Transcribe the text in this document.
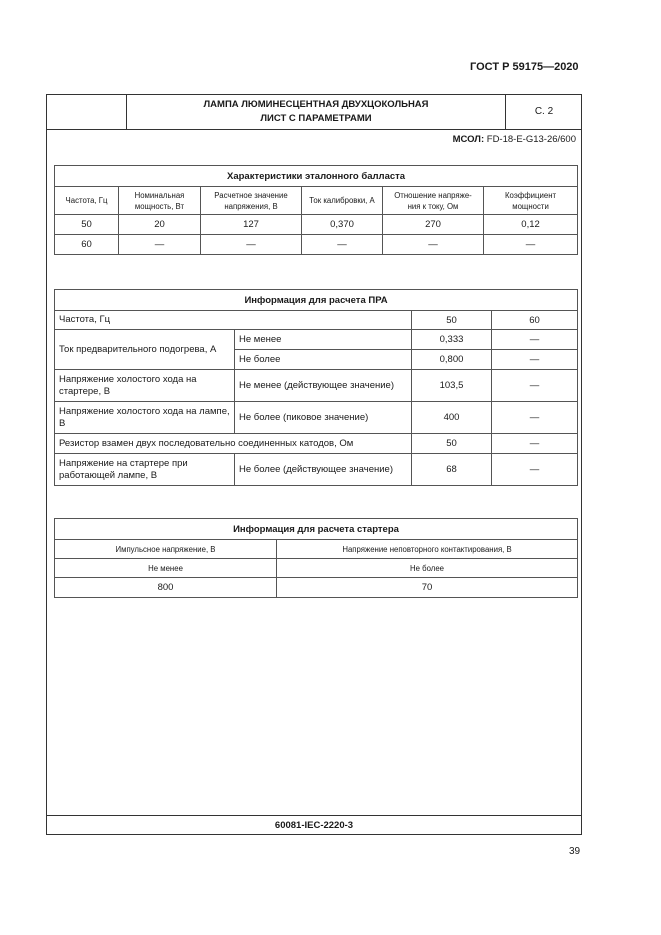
ГОСТ Р 59175—2020
ЛАМПА ЛЮМИНЕСЦЕНТНАЯ ДВУХЦОКОЛЬНАЯ
ЛИСТ С ПАРАМЕТРАМИ
С. 2
МСОЛ: FD-18-E-G13-26/600
Характеристики эталонного балласта					
Частота, Гц	Номинальная мощность, Вт	Расчетное значение напряжения, В	Ток калибровки, А	Отношение напряже- ния к току, Ом	Коэффициент мощности
50	20	127	0,370	270	0,12
60	—	—	—	—	—
Информация для расчета ПРА			
Частота, Гц		50	60
Ток предварительного подогрева, А	Не менее	0,333	—
	Не более	0,800	—
Напряжение холостого хода на стартере, В	Не менее (действующее значение)	103,5	—
Напряжение холостого хода на лампе, В	Не более (пиковое значение)	400	—
Резистор взамен двух последовательно соединенных катодов, Ом		50	—
Напряжение на стартере при работающей лампе, В	Не более (действующее значение)	68	—
Информация для расчета стартера	
Импульсное напряжение, В	Напряжение неповторного контактирования, В
Не менее	Не более
800	70
60081-IEC-2220-3
39
